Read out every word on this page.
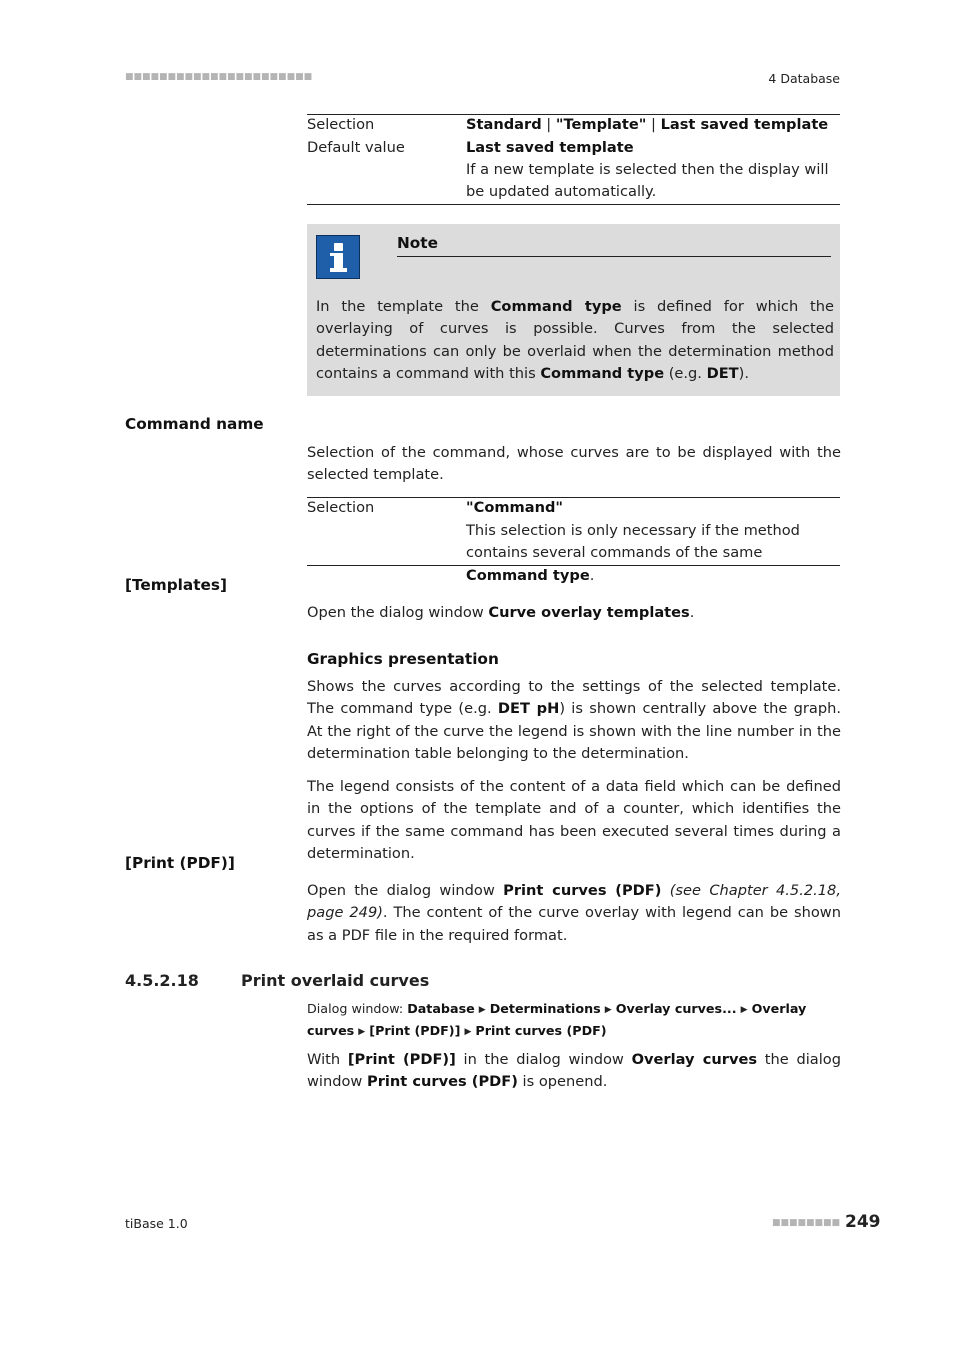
■■■■■■■■■■■■■■■■■■■■■■	4 Database
Selection	Standard | "Template" | Last saved template
Default value	Last saved template
If a new template is selected then the display will be updated automatically.
Note
In the template the Command type is defined for which the overlaying of curves is possible. Curves from the selected determinations can only be overlaid when the determination method contains a command with this Command type (e.g. DET).
Command name
Selection of the command, whose curves are to be displayed with the selected template.
Selection	"Command"
This selection is only necessary if the method contains several commands of the same Command type.
[Templates]
Open the dialog window Curve overlay templates.
Graphics presentation
Shows the curves according to the settings of the selected template. The command type (e.g. DET pH) is shown centrally above the graph. At the right of the curve the legend is shown with the line number in the determination table belonging to the determination.
The legend consists of the content of a data field which can be defined in the options of the template and of a counter, which identifies the curves if the same command has been executed several times during a determination.
[Print (PDF)]
Open the dialog window Print curves (PDF) (see Chapter 4.5.2.18, page 249). The content of the curve overlay with legend can be shown as a PDF file in the required format.
4.5.2.18	Print overlaid curves
Dialog window: Database ▶ Determinations ▶ Overlay curves... ▶ Overlay curves ▶ [Print (PDF)] ▶ Print curves (PDF)
With [Print (PDF)] in the dialog window Overlay curves the dialog window Print curves (PDF) is openend.
tiBase 1.0	■■■■■■■■ 249
